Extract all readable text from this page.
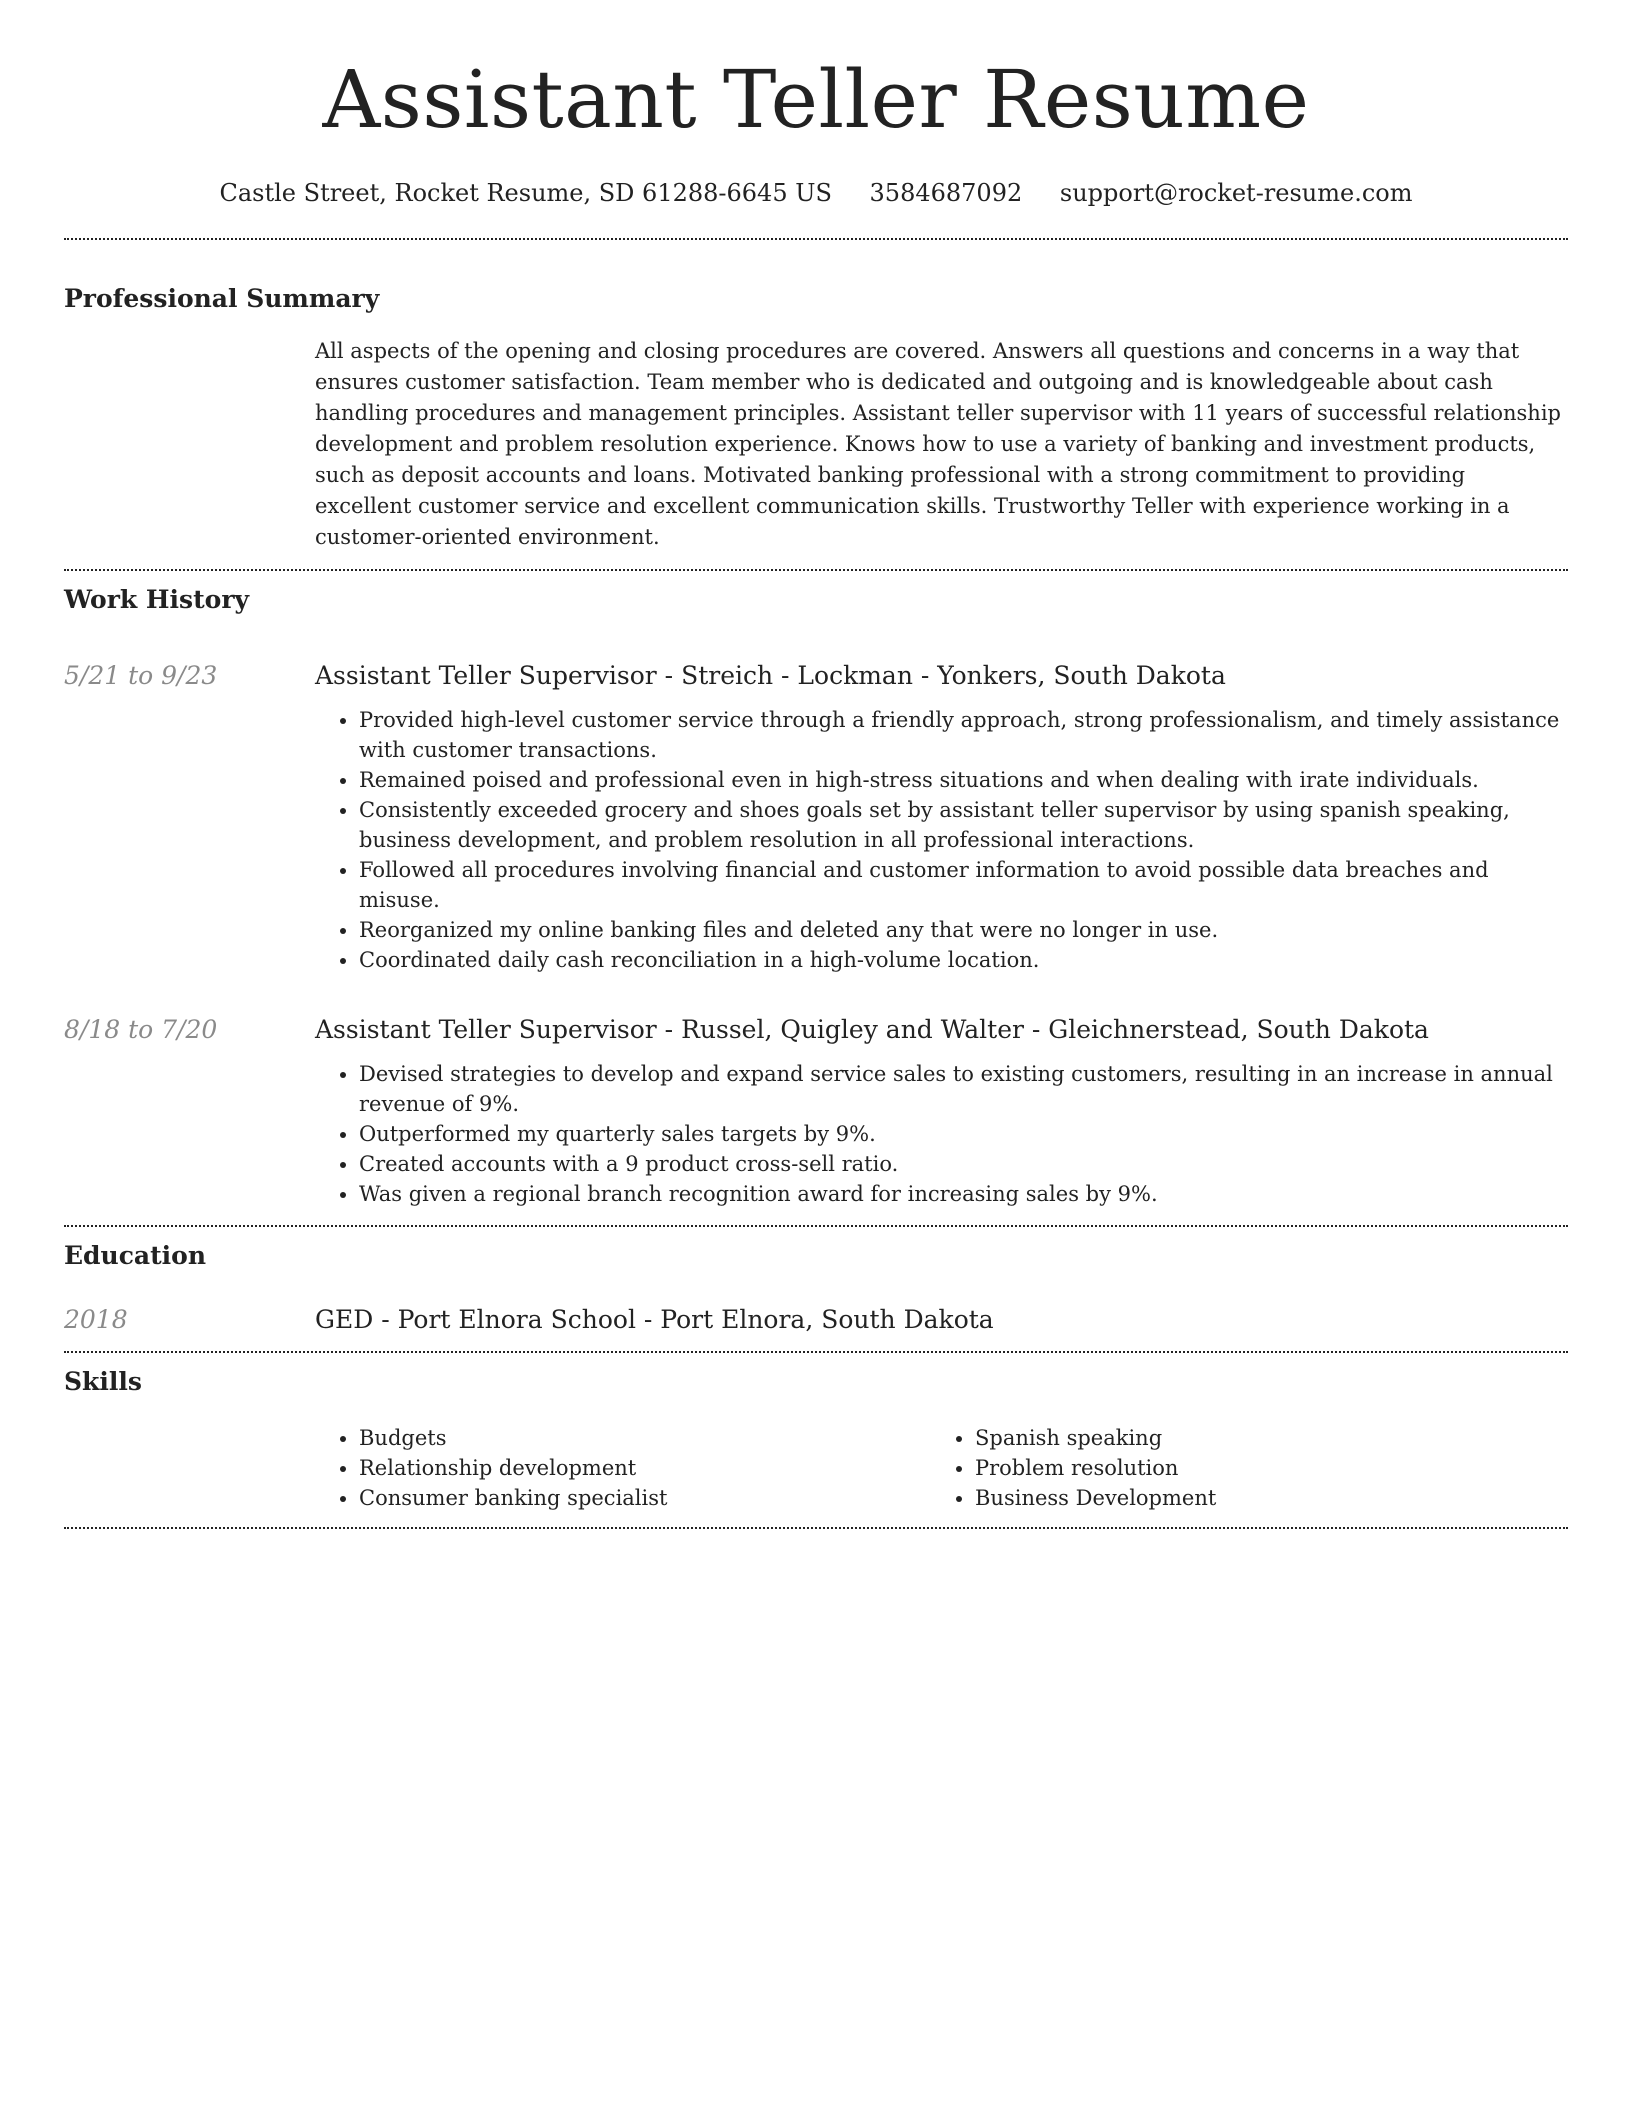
Assistant Teller Resume
Castle Street, Rocket Resume, SD 61288-6645 US 3584687092 support@rocket-resume.com
Professional Summary
All aspects of the opening and closing procedures are covered. Answers all questions and concerns in a way that ensures customer satisfaction. Team member who is dedicated and outgoing and is knowledgeable about cash handling procedures and management principles. Assistant teller supervisor with 11 years of successful relationship development and problem resolution experience. Knows how to use a variety of banking and investment products, such as deposit accounts and loans. Motivated banking professional with a strong commitment to providing excellent customer service and excellent communication skills. Trustworthy Teller with experience working in a customer-oriented environment.
Work History
5/21 to 9/23	Assistant Teller Supervisor - Streich - Lockman - Yonkers, South Dakota
• Provided high-level customer service through a friendly approach, strong professionalism, and timely assistance with customer transactions.
• Remained poised and professional even in high-stress situations and when dealing with irate individuals.
• Consistently exceeded grocery and shoes goals set by assistant teller supervisor by using spanish speaking, business development, and problem resolution in all professional interactions.
• Followed all procedures involving financial and customer information to avoid possible data breaches and misuse.
• Reorganized my online banking files and deleted any that were no longer in use.
• Coordinated daily cash reconciliation in a high-volume location.
8/18 to 7/20	Assistant Teller Supervisor - Russel, Quigley and Walter - Gleichnerstead, South Dakota
• Devised strategies to develop and expand service sales to existing customers, resulting in an increase in annual revenue of 9%.
• Outperformed my quarterly sales targets by 9%.
• Created accounts with a 9 product cross-sell ratio.
• Was given a regional branch recognition award for increasing sales by 9%.
Education
2018	GED - Port Elnora School - Port Elnora, South Dakota
Skills
• Budgets
• Relationship development
• Consumer banking specialist
• Spanish speaking
• Problem resolution
• Business Development
